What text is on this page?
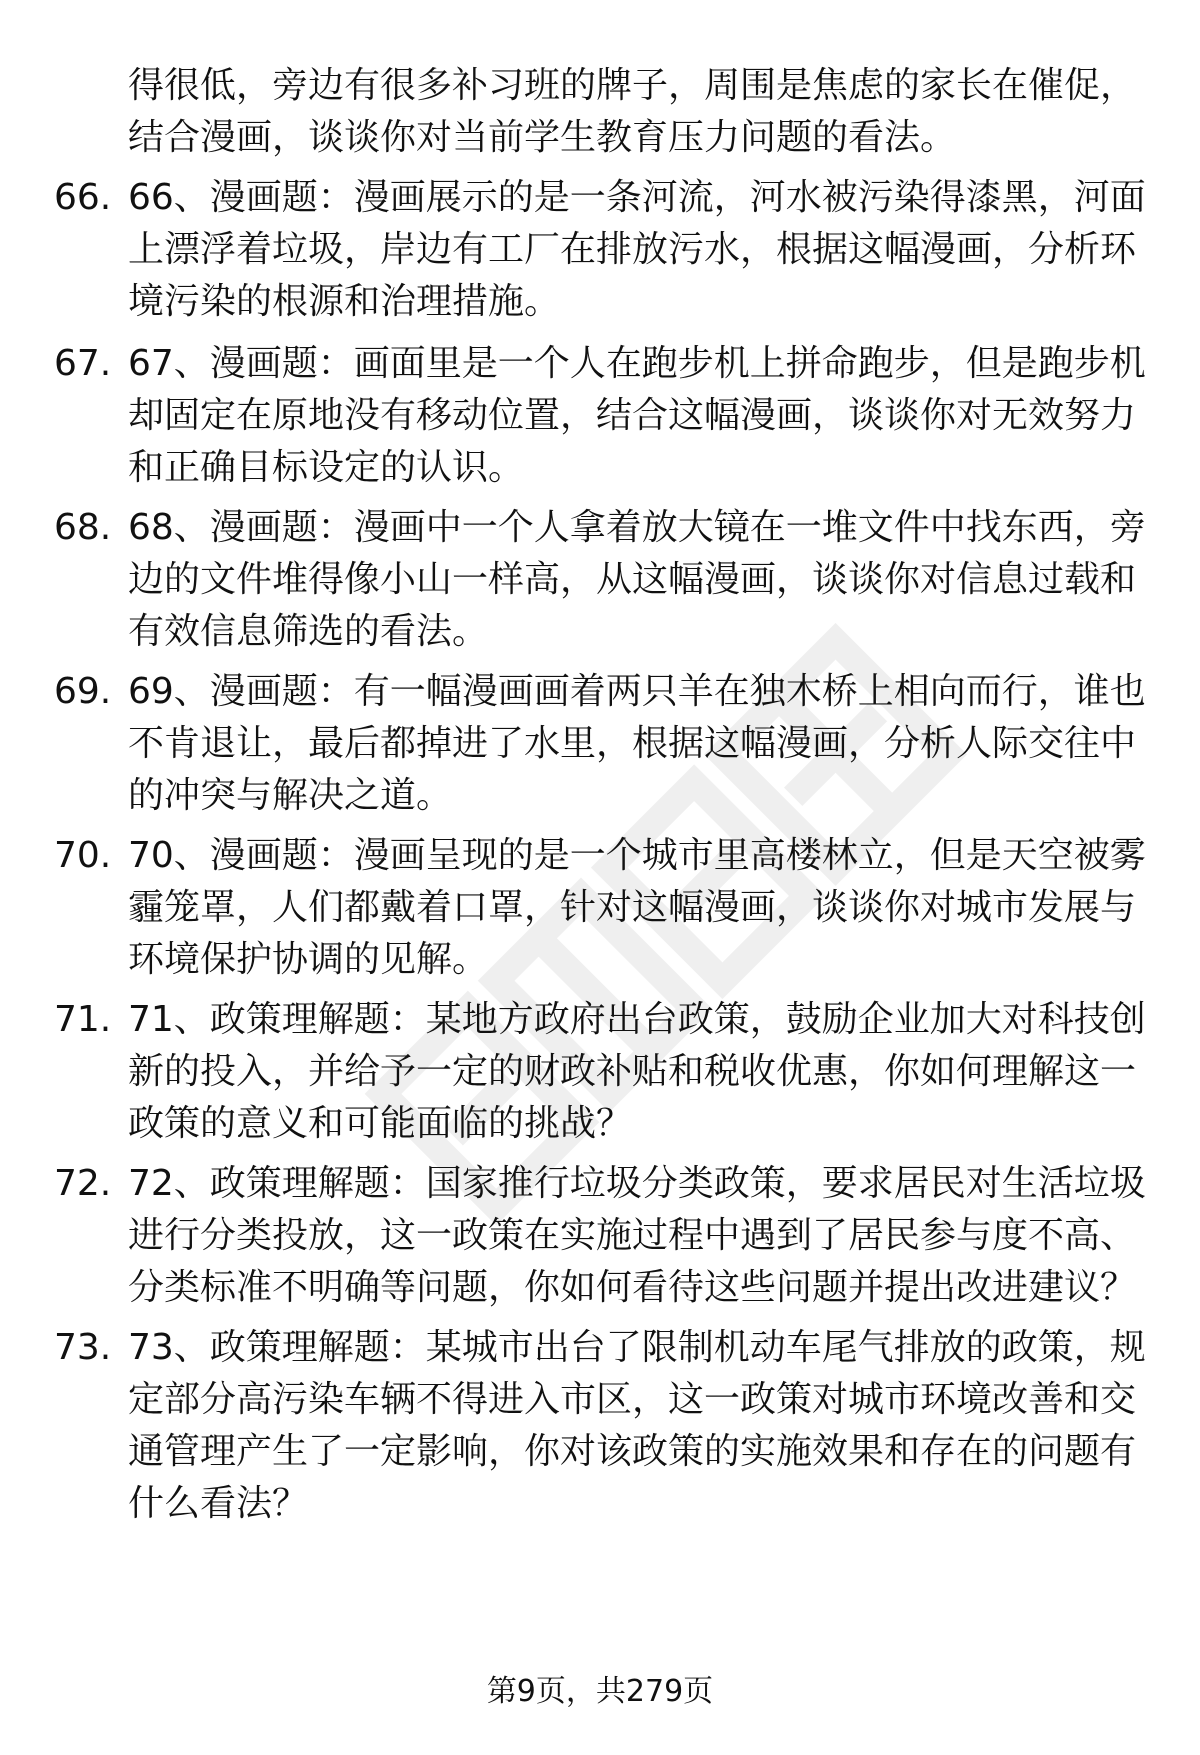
得很低，旁边有很多补习班的牌子，周围是焦虑的家长在催促，结合漫画，谈谈你对当前学生教育压力问题的看法。
66. 66、漫画题：漫画展示的是一条河流，河水被污染得漆黑，河面上漂浮着垃圾，岸边有工厂在排放污水，根据这幅漫画，分析环境污染的根源和治理措施。
67. 67、漫画题：画面里是一个人在跑步机上拼命跑步，但是跑步机却固定在原地没有移动位置，结合这幅漫画，谈谈你对无效努力和正确目标设定的认识。
68. 68、漫画题：漫画中一个人拿着放大镜在一堆文件中找东西，旁边的文件堆得像小山一样高，从这幅漫画，谈谈你对信息过载和有效信息筛选的看法。
69. 69、漫画题：有一幅漫画画着两只羊在独木桥上相向而行，谁也不肯退让，最后都掉进了水里，根据这幅漫画，分析人际交往中的冲突与解决之道。
70. 70、漫画题：漫画呈现的是一个城市里高楼林立，但是天空被雾霾笼罩，人们都戴着口罩，针对这幅漫画，谈谈你对城市发展与环境保护协调的见解。
71. 71、政策理解题：某地方政府出台政策，鼓励企业加大对科技创新的投入，并给予一定的财政补贴和税收优惠，你如何理解这一政策的意义和可能面临的挑战？
72. 72、政策理解题：国家推行垃圾分类政策，要求居民对生活垃圾进行分类投放，这一政策在实施过程中遇到了居民参与度不高、分类标准不明确等问题，你如何看待这些问题并提出改进建议？
73. 73、政策理解题：某城市出台了限制机动车尾气排放的政策，规定部分高污染车辆不得进入市区，这一政策对城市环境改善和交通管理产生了一定影响，你对该政策的实施效果和存在的问题有什么看法？
第9页，共279页
